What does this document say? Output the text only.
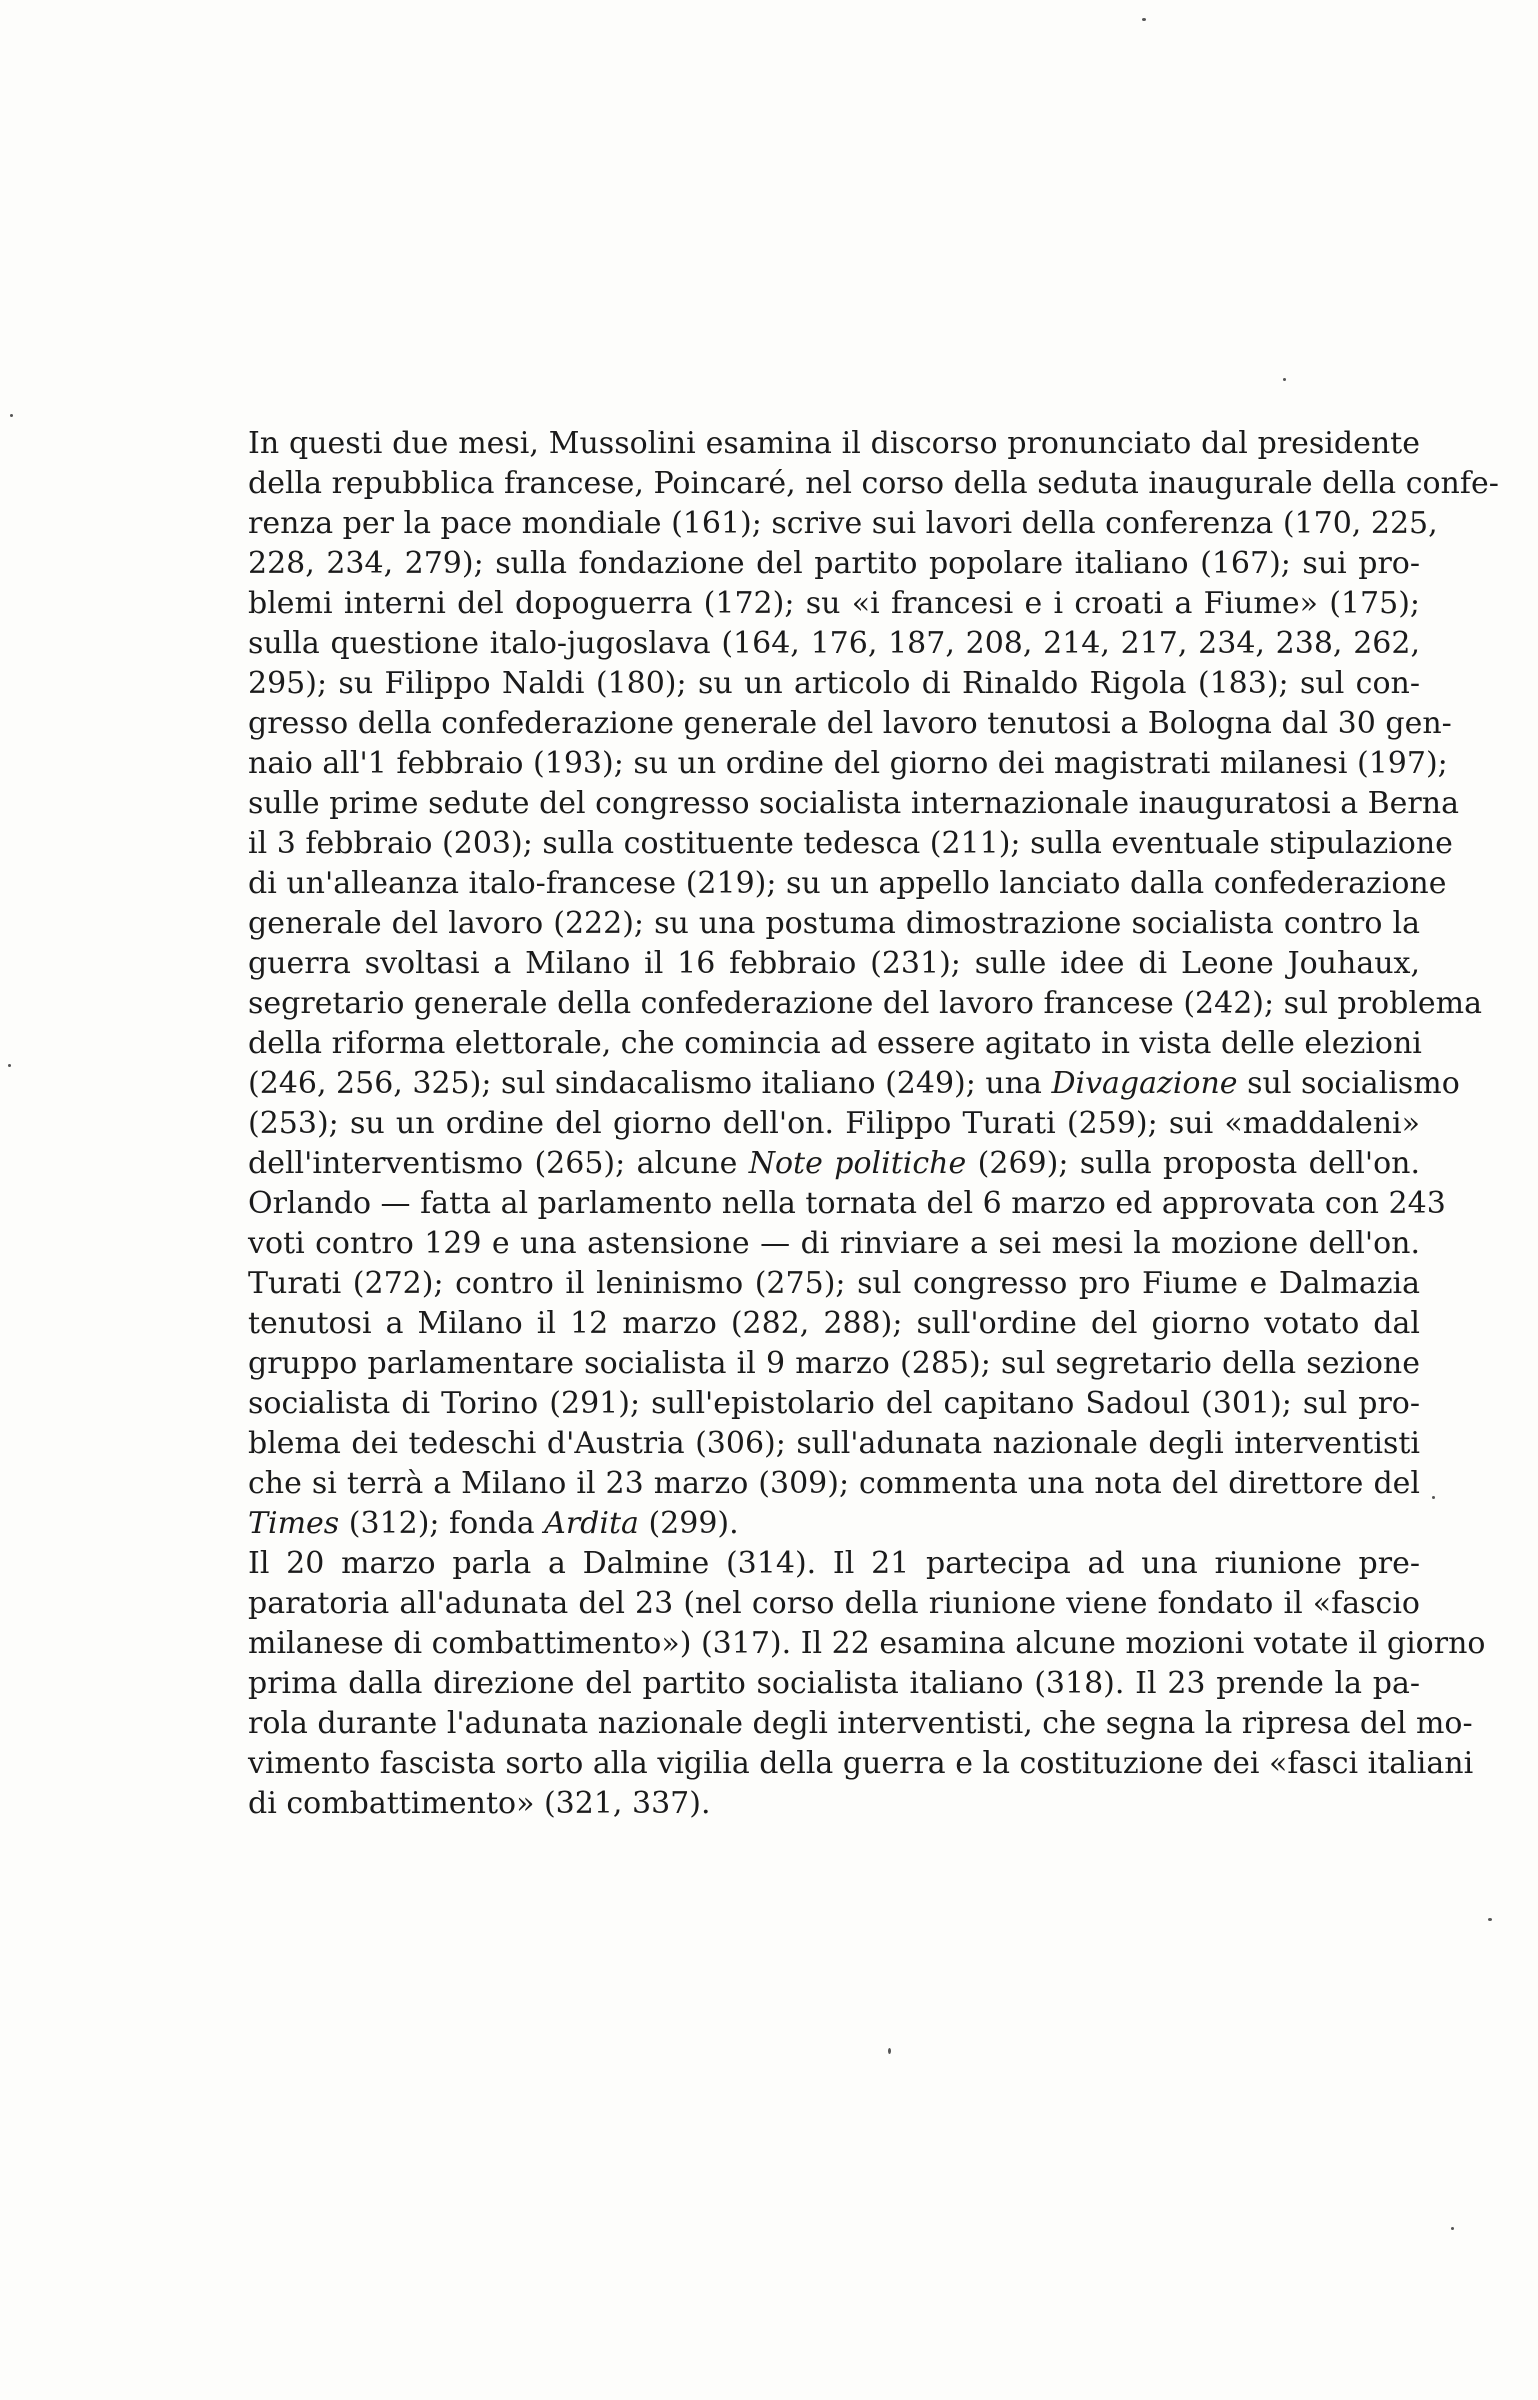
In questi due mesi, Mussolini esamina il discorso pronunciato dal presidente
della repubblica francese, Poincaré, nel corso della seduta inaugurale della confe-
renza per la pace mondiale (161); scrive sui lavori della conferenza (170, 225,
228, 234, 279); sulla fondazione del partito popolare italiano (167); sui pro-
blemi interni del dopoguerra (172); su «i francesi e i croati a Fiume» (175);
sulla questione italo-jugoslava (164, 176, 187, 208, 214, 217, 234, 238, 262,
295); su Filippo Naldi (180); su un articolo di Rinaldo Rigola (183); sul con-
gresso della confederazione generale del lavoro tenutosi a Bologna dal 30 gen-
naio all'1 febbraio (193); su un ordine del giorno dei magistrati milanesi (197);
sulle prime sedute del congresso socialista internazionale inauguratosi a Berna
il 3 febbraio (203); sulla costituente tedesca (211); sulla eventuale stipulazione
di un'alleanza italo-francese (219); su un appello lanciato dalla confederazione
generale del lavoro (222); su una postuma dimostrazione socialista contro la
guerra svoltasi a Milano il 16 febbraio (231); sulle idee di Leone Jouhaux,
segretario generale della confederazione del lavoro francese (242); sul problema
della riforma elettorale, che comincia ad essere agitato in vista delle elezioni
(246, 256, 325); sul sindacalismo italiano (249); una Divagazione sul socialismo
(253); su un ordine del giorno dell'on. Filippo Turati (259); sui «maddaleni»
dell'interventismo (265); alcune Note politiche (269); sulla proposta dell'on.
Orlando — fatta al parlamento nella tornata del 6 marzo ed approvata con 243
voti contro 129 e una astensione — di rinviare a sei mesi la mozione dell'on.
Turati (272); contro il leninismo (275); sul congresso pro Fiume e Dalmazia
tenutosi a Milano il 12 marzo (282, 288); sull'ordine del giorno votato dal
gruppo parlamentare socialista il 9 marzo (285); sul segretario della sezione
socialista di Torino (291); sull'epistolario del capitano Sadoul (301); sul pro-
blema dei tedeschi d'Austria (306); sull'adunata nazionale degli interventisti
che si terrà a Milano il 23 marzo (309); commenta una nota del direttore del
Times (312); fonda Ardita (299).
Il 20 marzo parla a Dalmine (314). Il 21 partecipa ad una riunione pre-
paratoria all'adunata del 23 (nel corso della riunione viene fondato il «fascio
milanese di combattimento») (317). Il 22 esamina alcune mozioni votate il giorno
prima dalla direzione del partito socialista italiano (318). Il 23 prende la pa-
rola durante l'adunata nazionale degli interventisti, che segna la ripresa del mo-
vimento fascista sorto alla vigilia della guerra e la costituzione dei «fasci italiani
di combattimento» (321, 337).
